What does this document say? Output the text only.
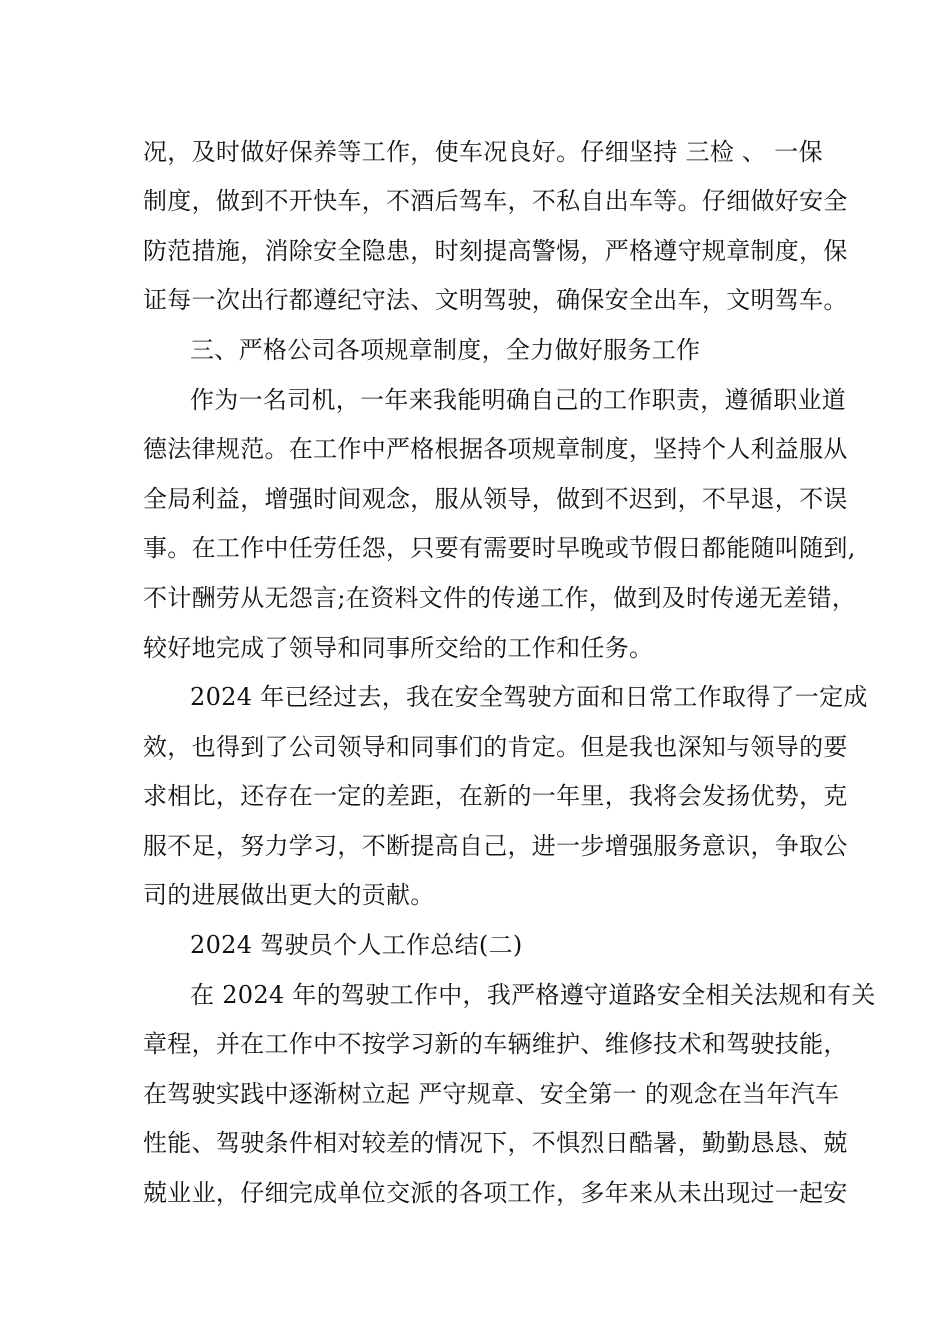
况，及时做好保养等工作，使车况良好。仔细坚持 三检 、 一保
制度，做到不开快车，不酒后驾车，不私自出车等。仔细做好安全
防范措施，消除安全隐患，时刻提高警惕，严格遵守规章制度，保
证每一次出行都遵纪守法、文明驾驶，确保安全出车，文明驾车。
三、严格公司各项规章制度，全力做好服务工作
作为一名司机，一年来我能明确自己的工作职责，遵循职业道
德法律规范。在工作中严格根据各项规章制度，坚持个人利益服从
全局利益，增强时间观念，服从领导，做到不迟到，不早退，不误
事。在工作中任劳任怨，只要有需要时早晚或节假日都能随叫随到,
不计酬劳从无怨言;在资料文件的传递工作，做到及时传递无差错，
较好地完成了领导和同事所交给的工作和任务。
2024 年已经过去，我在安全驾驶方面和日常工作取得了一定成
效，也得到了公司领导和同事们的肯定。但是我也深知与领导的要
求相比，还存在一定的差距，在新的一年里，我将会发扬优势，克
服不足，努力学习，不断提高自己，进一步增强服务意识，争取公
司的进展做出更大的贡献。
2024 驾驶员个人工作总结(二)
在 2024 年的驾驶工作中，我严格遵守道路安全相关法规和有关
章程，并在工作中不按学习新的车辆维护、维修技术和驾驶技能，
在驾驶实践中逐渐树立起 严守规章、安全第一 的观念在当年汽车
性能、驾驶条件相对较差的情况下，不惧烈日酷暑，勤勤恳恳、兢
兢业业，仔细完成单位交派的各项工作，多年来从未出现过一起安
